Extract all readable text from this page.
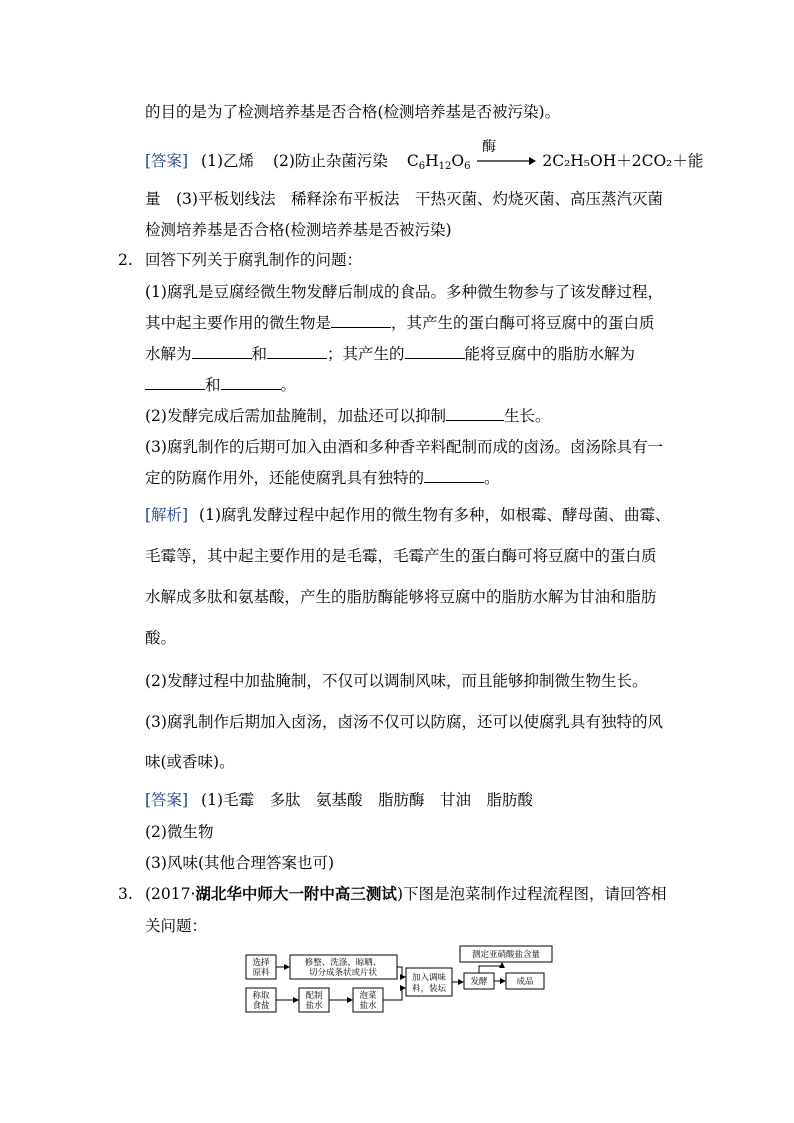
的目的是为了检测培养基是否合格(检测培养基是否被污染)。
[答案] (1)乙烯 (2)防止杂菌污染 $C_6H_{12}O_6$	2C₂H₅OH＋2CO₂＋能
酶
量　(3)平板划线法　稀释涂布平板法　干热灭菌、灼烧灭菌、高压蒸汽灭菌
检测培养基是否合格(检测培养基是否被污染)
2. 回答下列关于腐乳制作的问题：
(1)腐乳是豆腐经微生物发酵后制成的食品。多种微生物参与了该发酵过程，
其中起主要作用的微生物是	，其产生的蛋白酶可将豆腐中的蛋白质
水解为	和	；其产生的	能将豆腐中的脂肪水解为
和	。
(2)发酵完成后需加盐腌制，加盐还可以抑制	生长。
(3)腐乳制作的后期可加入由酒和多种香辛料配制而成的卤汤。卤汤除具有一
定的防腐作用外，还能使腐乳具有独特的	。
[解析] (1)腐乳发酵过程中起作用的微生物有多种，如根霉、酵母菌、曲霉、
毛霉等，其中起主要作用的是毛霉，毛霉产生的蛋白酶可将豆腐中的蛋白质
水解成多肽和氨基酸，产生的脂肪酶能够将豆腐中的脂肪水解为甘油和脂肪
酸。
(2)发酵过程中加盐腌制，不仅可以调制风味，而且能够抑制微生物生长。
(3)腐乳制作后期加入卤汤，卤汤不仅可以防腐，还可以使腐乳具有独特的风
味(或香味)。
[答案] (1)毛霉　多肽　氨基酸　脂肪酶　甘油　脂肪酸
(2)微生物
(3)风味(其他合理答案也可)
3. (2017·湖北华中师大一附中高三测试)下图是泡菜制作过程流程图，请回答相
关问题：
选择
原料
修整、洗涤、晾晒、
切分成条状或片状
称取
食盐
配制
盐水
泡菜
盐水
加入调味
料，装坛
测定亚硝酸盐含量
发酵	成品
